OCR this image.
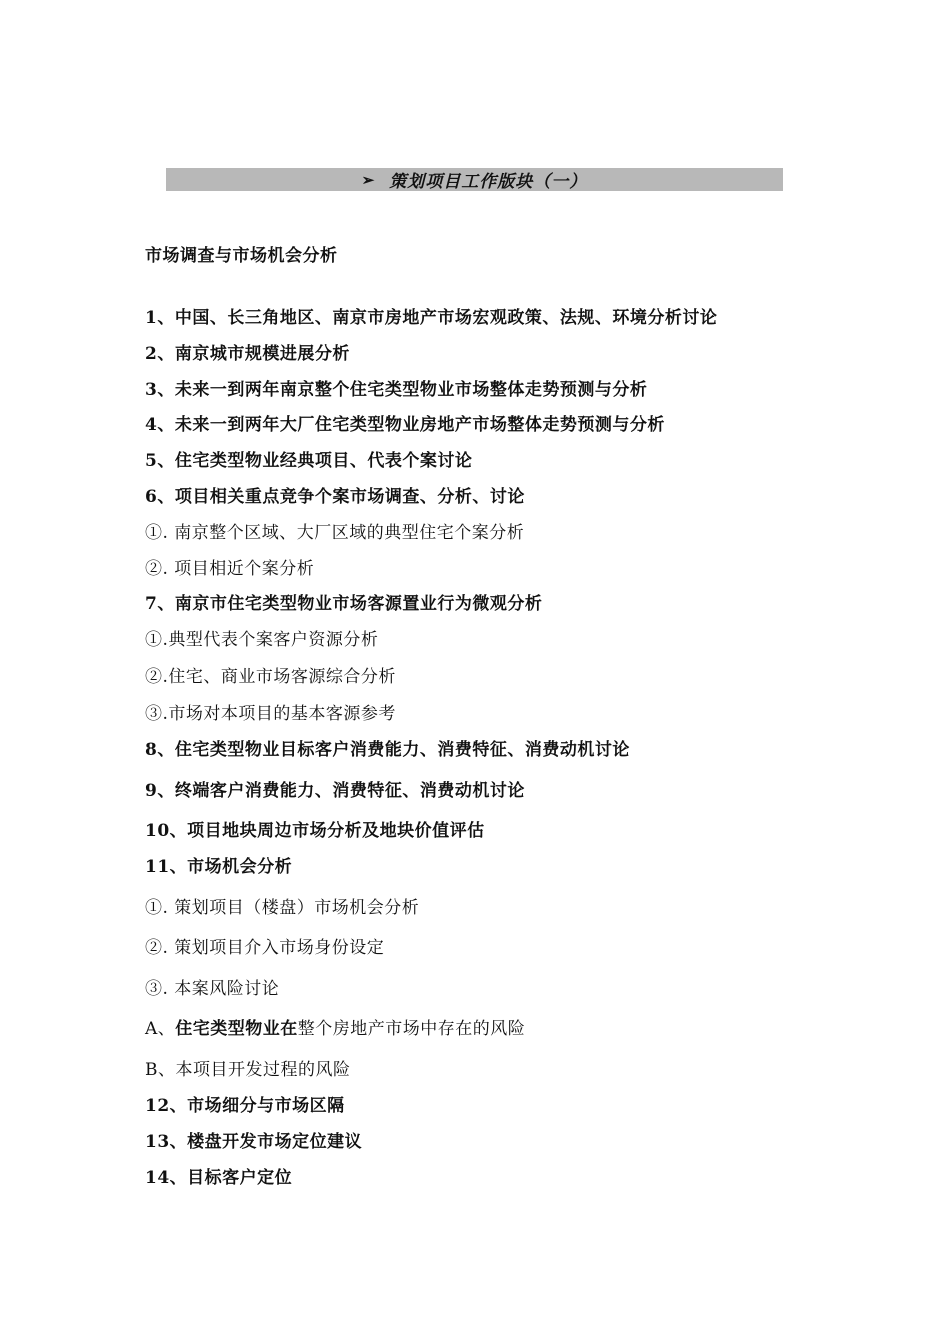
➢ 策划项目工作版块（一）
市场调查与市场机会分析
1、中国、长三角地区、南京市房地产市场宏观政策、法规、环境分析讨论
2、南京城市规模进展分析
3、未来一到两年南京整个住宅类型物业市场整体走势预测与分析
4、未来一到两年大厂住宅类型物业房地产市场整体走势预测与分析
5、住宅类型物业经典项目、代表个案讨论
6、项目相关重点竞争个案市场调查、分析、讨论
①. 南京整个区域、大厂区域的典型住宅个案分析
②. 项目相近个案分析
7、南京市住宅类型物业市场客源置业行为微观分析
①.典型代表个案客户资源分析
②.住宅、商业市场客源综合分析
③.市场对本项目的基本客源参考
8、住宅类型物业目标客户消费能力、消费特征、消费动机讨论
9、终端客户消费能力、消费特征、消费动机讨论
10、项目地块周边市场分析及地块价值评估
11、市场机会分析
①. 策划项目（楼盘）市场机会分析
②. 策划项目介入市场身份设定
③. 本案风险讨论
A、住宅类型物业在整个房地产市场中存在的风险
B、本项目开发过程的风险
12、市场细分与市场区隔
13、楼盘开发市场定位建议
14、目标客户定位
